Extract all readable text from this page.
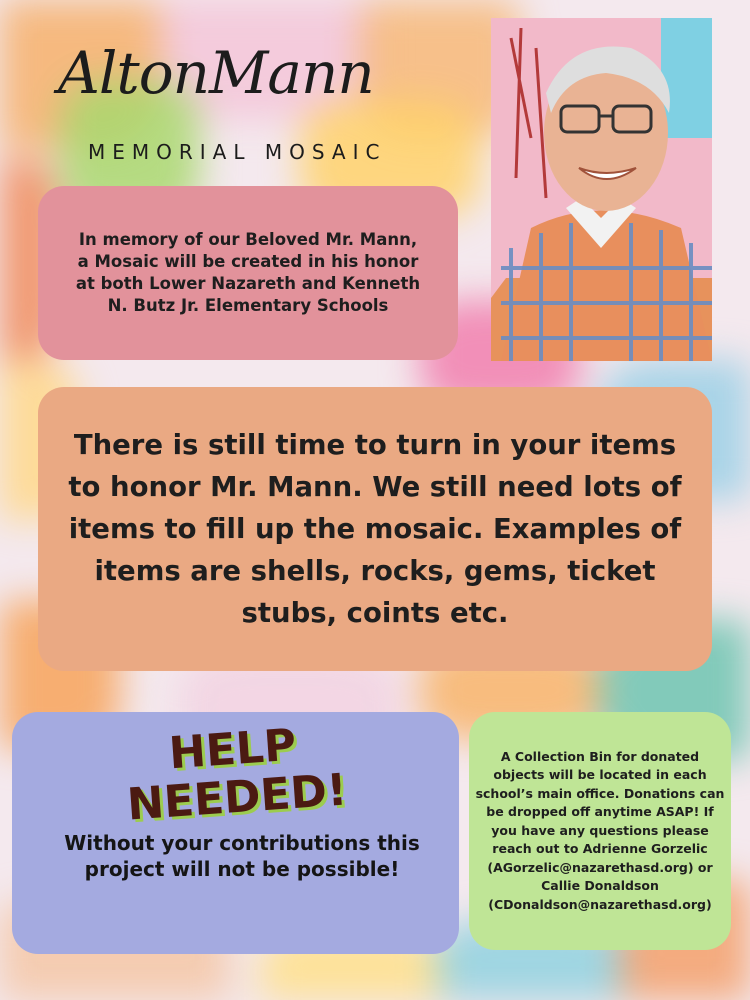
AltonMann
MEMORIAL MOSAIC
In memory of our Beloved Mr. Mann, a Mosaic will be created in his honor at both Lower Nazareth and Kenneth N. Butz Jr. Elementary Schools
There is still time to turn in your items to honor Mr. Mann. We still need lots of items to fill up the mosaic. Examples of items are shells, rocks, gems, ticket stubs, coints etc.
HELP
NEEDED!
Without your contributions this project will not be possible!
A Collection Bin for donated objects will be located in each school’s main office. Donations can be dropped off anytime ASAP! If you have any questions please reach out to Adrienne Gorzelic (AGorzelic@nazarethasd.org) or Callie Donaldson (CDonaldson@nazarethasd.org)
